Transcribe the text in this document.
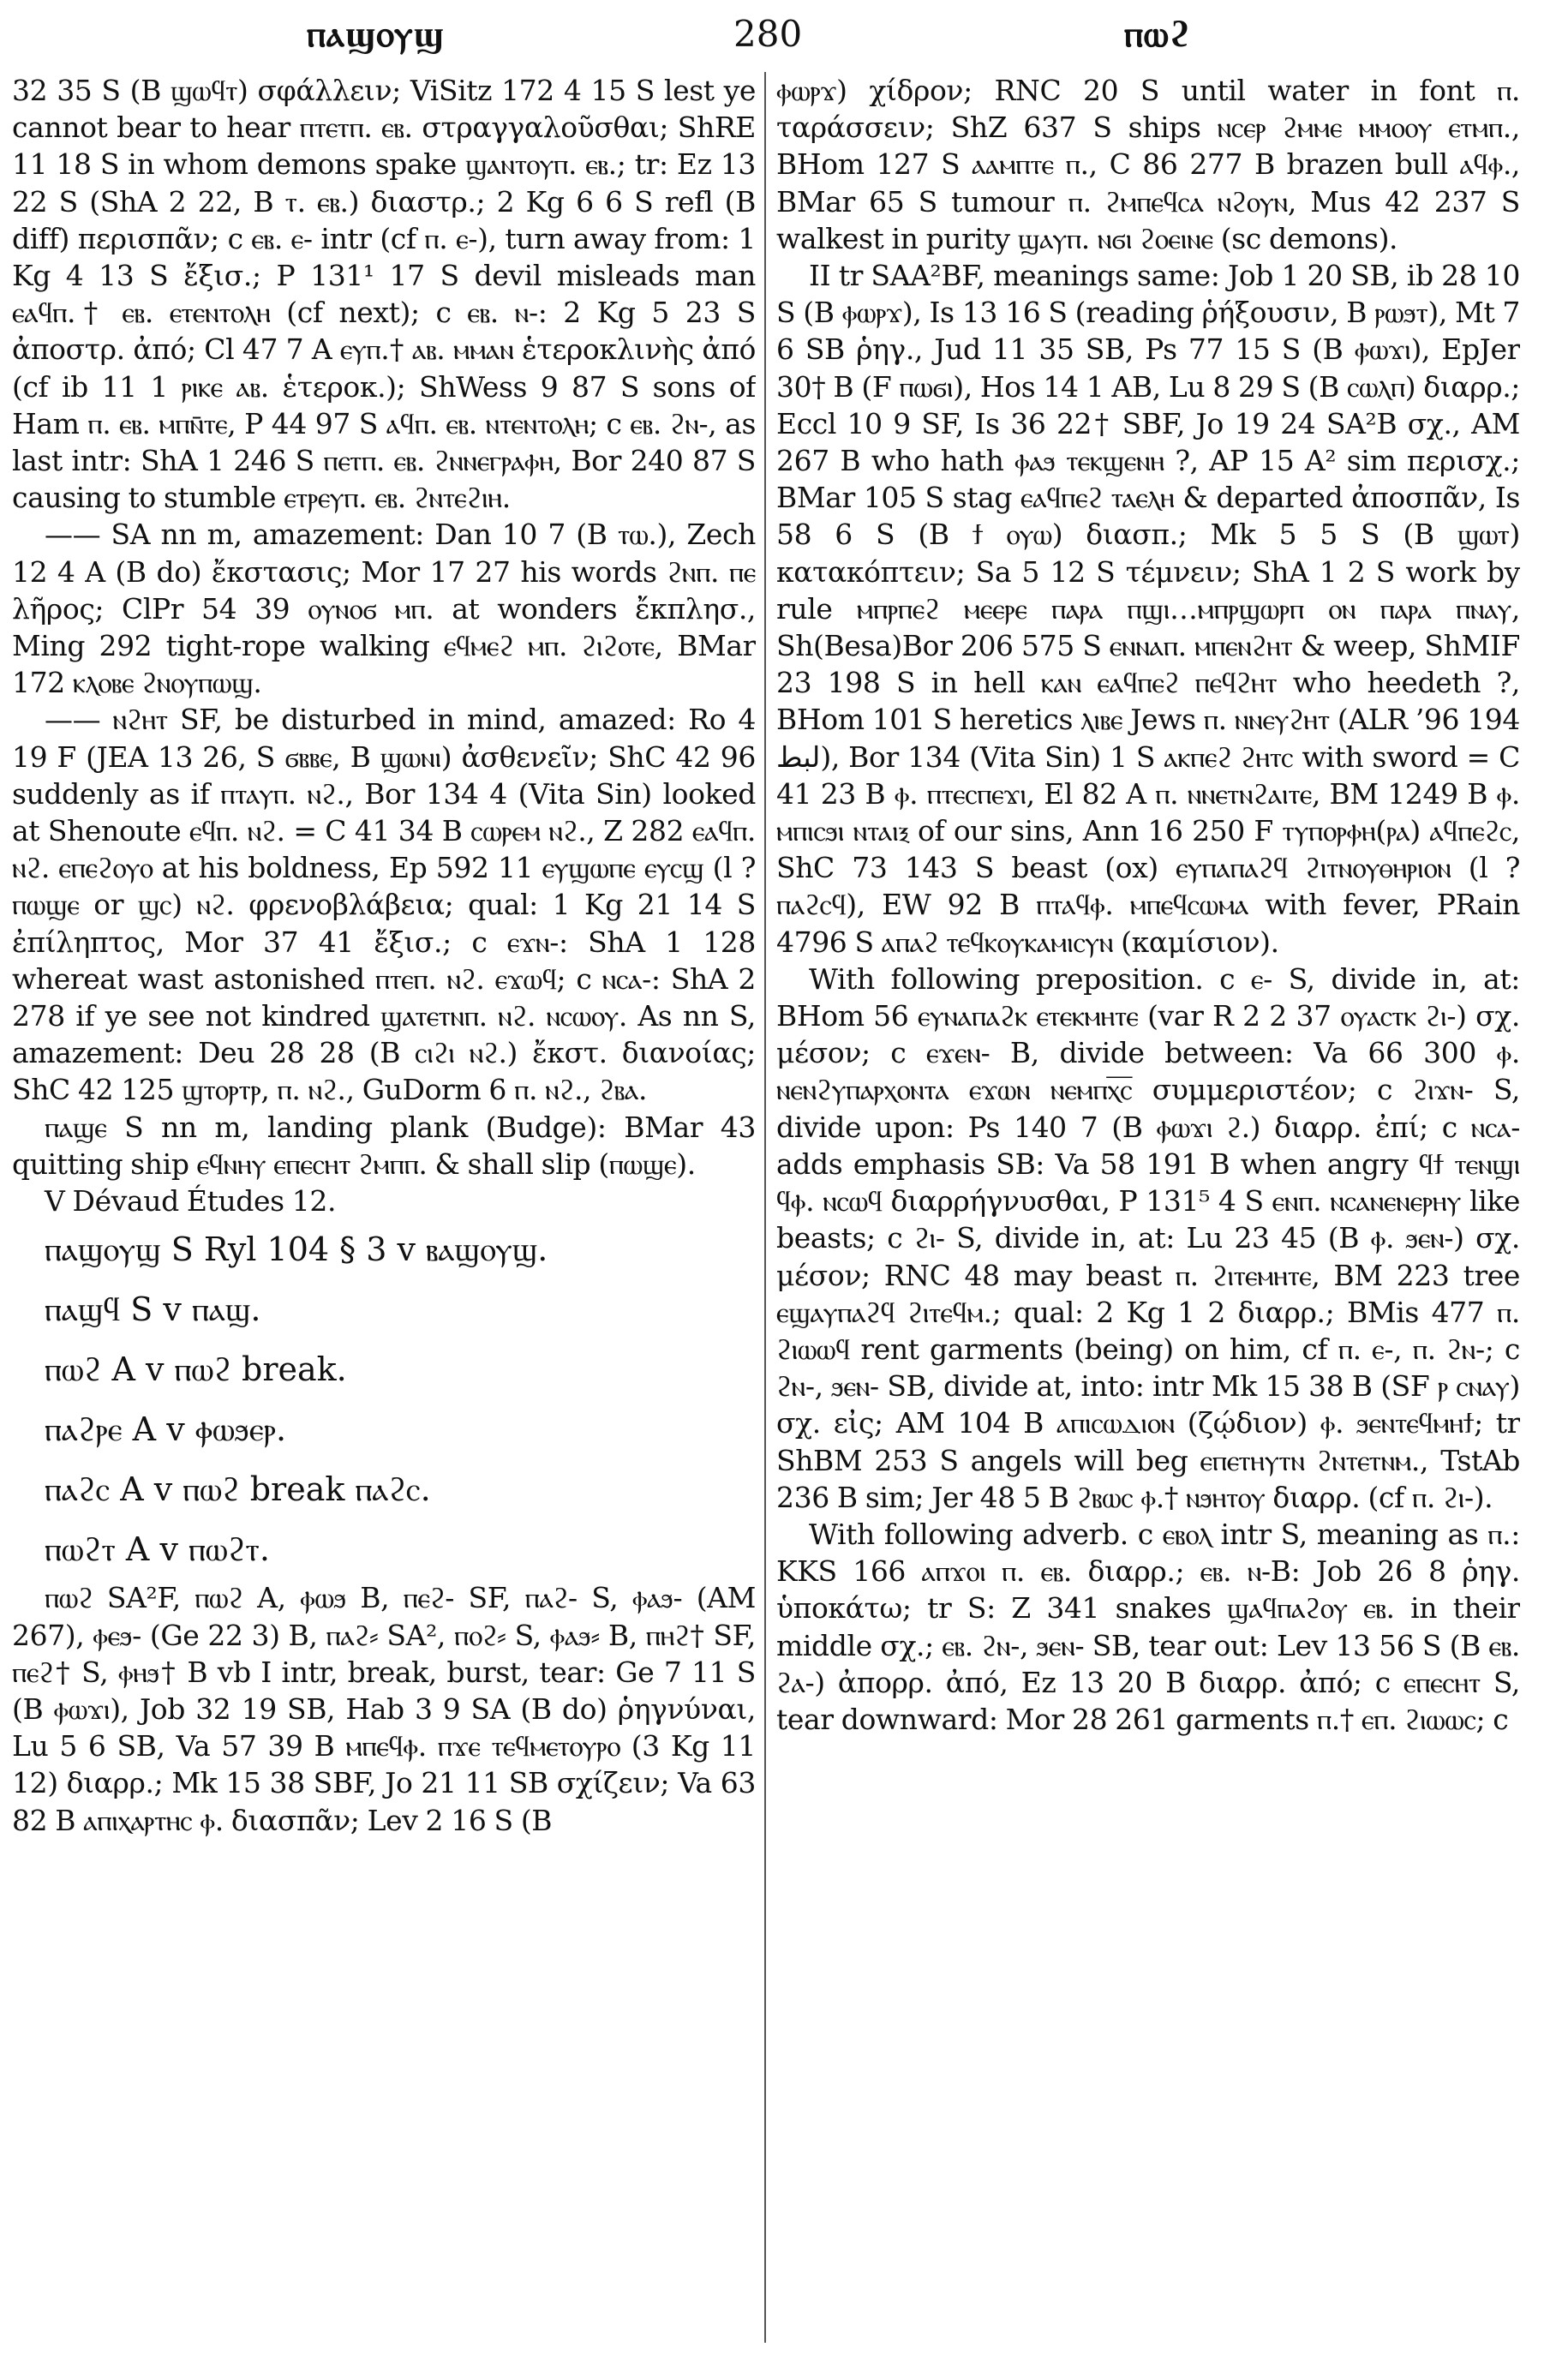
ⲡⲁϣⲟⲩϣ	280	ⲡⲱϩ

32 35 S (B ϣⲱϥⲧ) σφάλλειν; ViSitz 172 4 15 S lest ye cannot bear to hear ⲡⲧⲉⲧⲡ. ⲉⲃ. στραγγαλοῦσθαι; ShRE 11 18 S in whom demons spake ϣⲁⲛⲧⲟⲩⲡ. ⲉⲃ.; tr: Ez 13 22 S (ShA 2 22, B ⲧ. ⲉⲃ.) διαστρ.; 2 Kg 6 6 S refl (B diff) περισπᾶν; c ⲉⲃ. ⲉ- intr (cf ⲡ. ⲉ-), turn away from: 1 Kg 4 13 S ἔξισ.; P 131¹ 17 S devil misleads man ⲉⲁϥⲡ.† ⲉⲃ. ⲉⲧⲉⲛⲧⲟⲗⲏ (cf next); c ⲉⲃ. ⲛ-: 2 Kg 5 23 S ἀποστρ. ἀπό; Cl 47 7 A ⲉⲩⲡ.† ⲁⲃ. ⲙⲙⲁⲛ ἑτεροκλινὴς ἀπό (cf ib 11 1 ⲣⲓⲕⲉ ⲁⲃ. ἑτεροκ.); ShWess 9 87 S sons of Ham ⲡ. ⲉⲃ. ⲙⲡⲛ̄ⲧⲉ, P 44 97 S ⲁϥⲡ. ⲉⲃ. ⲛⲧⲉⲛⲧⲟⲗⲏ; c ⲉⲃ. ϩⲛ-, as last intr: ShA 1 246 S ⲡⲉⲧⲡ. ⲉⲃ. ϩⲛⲛⲉⲅⲣⲁⲫⲏ, Bor 240 87 S causing to stumble ⲉⲧⲣⲉⲩⲡ. ⲉⲃ. ϩⲛⲧⲉϩⲓⲏ.

—— SA nn m, amazement: Dan 10 7 (B ⲧⲱ.), Zech 12 4 A (B do) ἔκστασις; Mor 17 27 his words ϩⲛⲡ. ⲡⲉ λῆρος; ClPr 54 39 ⲟⲩⲛⲟϭ ⲙⲡ. at wonders ἔκπλησ., Ming 292 tight-rope walking ⲉϥⲙⲉϩ ⲙⲡ. ϩⲓϩⲟⲧⲉ, BMar 172 ⲕⲗⲟⲃⲉ ϩⲛⲟⲩⲡⲱϣ.

—— ⲛϩⲏⲧ SF, be disturbed in mind, amazed: Ro 4 19 F (JEA 13 26, S ϭⲃⲃⲉ, B ϣⲱⲛⲓ) ἀσθενεῖν; ShC 42 96 suddenly as if ⲡⲧⲁⲩⲡ. ⲛϩ., Bor 134 4 (Vita Sin) looked at Shenoute ⲉϥⲡ. ⲛϩ. = C 41 34 B ⲥⲱⲣⲉⲙ ⲛϩ., Z 282 ⲉⲁϥⲡ. ⲛϩ. ⲉⲡⲉϩⲟⲩⲟ at his boldness, Ep 592 11 ⲉⲩϣⲱⲡⲉ ⲉⲩⲥϣ (l ? ⲡⲱϣⲉ or ϣⲥ) ⲛϩ. φρενοβλάβεια; qual: 1 Kg 21 14 S ἐπίληπτος, Mor 37 41 ἔξισ.; c ⲉϫⲛ-: ShA 1 128 whereat wast astonished ⲡⲧⲉⲡ. ⲛϩ. ⲉϫⲱϥ; c ⲛⲥⲁ-: ShA 2 278 if ye see not kindred ϣⲁⲧⲉⲧⲛⲡ. ⲛϩ. ⲛⲥⲱⲟⲩ. As nn S, amazement: Deu 28 28 (B ⲥⲓϩⲓ ⲛϩ.) ἔκστ. διανοίας; ShC 42 125 ϣⲧⲟⲣⲧⲣ, ⲡ. ⲛϩ., GuDorm 6 ⲡ. ⲛϩ., ϩⲃⲁ.

ⲡⲁϣⲉ S nn m, landing plank (Budge): BMar 43 quitting ship ⲉϥⲛⲏⲩ ⲉⲡⲉⲥⲏⲧ ϩⲙⲡⲡ. & shall slip (ⲡⲱϣⲉ).

V Dévaud Études 12.

ⲡⲁϣⲟⲩϣ S Ryl 104 § 3 v ⲃⲁϣⲟⲩϣ.

ⲡⲁϣϥ S v ⲡⲁϣ.

ⲡⲱϩ A v ⲡⲱϩ break.

ⲡⲁϩⲣⲉ A v ⲫⲱϧⲉⲣ.

ⲡⲁϩⲥ A v ⲡⲱϩ break ⲡⲁϩⲥ.

ⲡⲱϩⲧ A v ⲡⲱϩⲧ.

ⲡⲱϩ SA²F, ⲡⲱϩ A, ⲫⲱϧ B, ⲡⲉϩ- SF, ⲡⲁϩ- S, ⲫⲁϧ- (AM 267), ⲫⲉϧ- (Ge 22 3) B, ⲡⲁϩ⸗ SA², ⲡⲟϩ⸗ S, ⲫⲁϧ⸗ B, ⲡⲏϩ† SF, ⲡⲉϩ† S, ⲫⲏϧ† B vb I intr, break, burst, tear: Ge 7 11 S (B ⲫⲱϫⲓ), Job 32 19 SB, Hab 3 9 SA (B do) ῥηγνύναι, Lu 5 6 SB, Va 57 39 B ⲙⲡⲉϥⲫ. ⲡϫⲉ ⲧⲉϥⲙⲉⲧⲟⲩⲣⲟ (3 Kg 11 12) διαρρ.; Mk 15 38 SBF, Jo 21 11 SB σχίζειν; Va 63 82 B ⲁⲡⲓⲭⲁⲣⲧⲏⲥ ⲫ. διασπᾶν; Lev 2 16 S (B

ⲫⲱⲣϫ) χίδρον; RNC 20 S until water in font ⲡ. ταράσσειν; ShZ 637 S ships ⲛⲥⲉⲣ ϩⲙⲙⲉ ⲙⲙⲟⲟⲩ ⲉⲧⲙⲡ., BHom 127 S ⲁⲁⲙⲡⲧⲉ ⲡ., C 86 277 B brazen bull ⲁϥⲫ., BMar 65 S tumour ⲡ. ϩⲙⲡⲉϥⲥⲁ ⲛϩⲟⲩⲛ, Mus 42 237 S walkest in purity ϣⲁⲩⲡ. ⲛϭⲓ ϩⲟⲉⲓⲛⲉ (sc demons).

II tr SAA²BF, meanings same: Job 1 20 SB, ib 28 10 S (B ⲫⲱⲣϫ), Is 13 16 S (reading ῥήξουσιν, B ⲣⲱϧⲧ), Mt 7 6 SB ῥηγ., Jud 11 35 SB, Ps 77 15 S (B ⲫⲱϫⲓ), EpJer 30† B (F ⲡⲱϭⲓ), Hos 14 1 AB, Lu 8 29 S (B ⲥⲱⲗⲡ) διαρρ.; Eccl 10 9 SF, Is 36 22† SBF, Jo 19 24 SA²B σχ., AM 267 B who hath ⲫⲁϧ ⲧⲉⲕϣⲉⲛⲏ ?, AP 15 A² sim περισχ.; BMar 105 S stag ⲉⲁϥⲡⲉϩ ⲧⲁⲉⲗⲏ & departed ἀποσπᾶν, Is 58 6 S (B ϯ ⲟⲩⲱ) διασπ.; Mk 5 5 S (B ϣⲱⲧ) κατακόπτειν; Sa 5 12 S τέμνειν; ShA 1 2 S work by rule ⲙⲡⲣⲡⲉϩ ⲙⲉⲉⲣⲉ ⲡⲁⲣⲁ ⲡϣⲓ…ⲙⲡⲣϣⲱⲣⲡ ⲟⲛ ⲡⲁⲣⲁ ⲡⲛⲁⲩ, Sh(Besa)Bor 206 575 S ⲉⲛⲛⲁⲡ. ⲙⲡⲉⲛϩⲏⲧ & weep, ShMIF 23 198 S in hell ⲕⲁⲛ ⲉⲁϥⲡⲉϩ ⲡⲉϥϩⲏⲧ who heedeth ?, BHom 101 S heretics ⲗⲓⲃⲉ Jews ⲡ. ⲛⲛⲉⲩϩⲏⲧ (ALR ’96 194 لبط), Bor 134 (Vita Sin) 1 S ⲁⲕⲡⲉϩ ϩⲏⲧⲥ with sword = C 41 23 B ⲫ. ⲡⲧⲉⲥⲡⲉϫⲓ, El 82 A ⲡ. ⲛⲛⲉⲧⲛϩⲁⲓⲧⲉ, BM 1249 B ⲫ. ⲙⲡⲓⲥϧⲓ ⲛⲧⲁⲓⲝ of our sins, Ann 16 250 F ⲧⲩⲡⲟⲣⲫⲏ(ⲣⲁ) ⲁϥⲡⲉϩⲥ, ShC 73 143 S beast (ox) ⲉⲩⲡⲁⲡⲁϩϥ ϩⲓⲧⲛⲟⲩⲑⲏⲣⲓⲟⲛ (l ? ⲡⲁϩⲥϥ), EW 92 B ⲡⲧⲁϥⲫ. ⲙⲡⲉϥⲥⲱⲙⲁ with fever, PRain 4796 S ⲁⲡⲁϩ ⲧⲉϥⲕⲟⲩⲕⲁⲙⲓⲥⲩⲛ (καμίσιον).

With following preposition. c ⲉ- S, divide in, at: BHom 56 ⲉⲩⲛⲁⲡⲁϩⲕ ⲉⲧⲉⲕⲙⲏⲧⲉ (var R 2 2 37 ⲟⲩⲁⲥⲧⲕ ϩⲓ-) σχ. μέσον; c ⲉϫⲉⲛ- B, divide between: Va 66 300 ⲫ. ⲛⲉⲛϩⲩⲡⲁⲣⲭⲟⲛⲧⲁ ⲉϫⲱⲛ ⲛⲉⲙⲡⲭ̅ⲥ̅ συμμεριστέον; c ϩⲓϫⲛ- S, divide upon: Ps 140 7 (B ⲫⲱϫⲓ ϩ.) διαρρ. ἐπί; c ⲛⲥⲁ- adds emphasis SB: Va 58 191 B when angry ϥϯ ⲧⲉⲛϣⲓ ϥⲫ. ⲛⲥⲱϥ διαρρήγνυσθαι, P 131⁵ 4 S ⲉⲛⲡ. ⲛⲥⲁⲛⲉⲛⲉⲣⲏⲩ like beasts; c ϩⲓ- S, divide in, at: Lu 23 45 (B ⲫ. ϧⲉⲛ-) σχ. μέσον; RNC 48 may beast ⲡ. ϩⲓⲧⲉⲙⲏⲧⲉ, BM 223 tree ⲉϣⲁⲩⲡⲁϩϥ ϩⲓⲧⲉϥⲙ.; qual: 2 Kg 1 2 διαρρ.; BMis 477 ⲡ. ϩⲓⲱⲱϥ rent garments (being) on him, cf ⲡ. ⲉ-, ⲡ. ϩⲛ-; c ϩⲛ-, ϧⲉⲛ- SB, divide at, into: intr Mk 15 38 B (SF ⲣ ⲥⲛⲁⲩ) σχ. εἰς; AM 104 B ⲁⲡⲓⲥⲱⲇⲓⲟⲛ (ζῴδιον) ⲫ. ϧⲉⲛⲧⲉϥⲙⲏϯ; tr ShBM 253 S angels will beg ⲉⲡⲉⲧⲏⲩⲧⲛ ϩⲛⲧⲉⲧⲛⲙ., TstAb 236 B sim; Jer 48 5 B ϩⲃⲱⲥ ⲫ.† ⲛϧⲏⲧⲟⲩ διαρρ. (cf ⲡ. ϩⲓ-).

With following adverb. c ⲉⲃⲟⲗ intr S, meaning as ⲡ.: KKS 166 ⲁⲡϫⲟⲓ ⲡ. ⲉⲃ. διαρρ.; ⲉⲃ. ⲛ-B: Job 26 8 ῥηγ. ὑποκάτω; tr S: Z 341 snakes ϣⲁϥⲡⲁϩⲟⲩ ⲉⲃ. in their middle σχ.; ⲉⲃ. ϩⲛ-, ϧⲉⲛ- SB, tear out: Lev 13 56 S (B ⲉⲃ. ϩⲁ-) ἀπορρ. ἀπό, Ez 13 20 B διαρρ. ἀπό; c ⲉⲡⲉⲥⲏⲧ S, tear downward: Mor 28 261 garments ⲡ.† ⲉⲡ. ϩⲓⲱⲱⲥ; c
